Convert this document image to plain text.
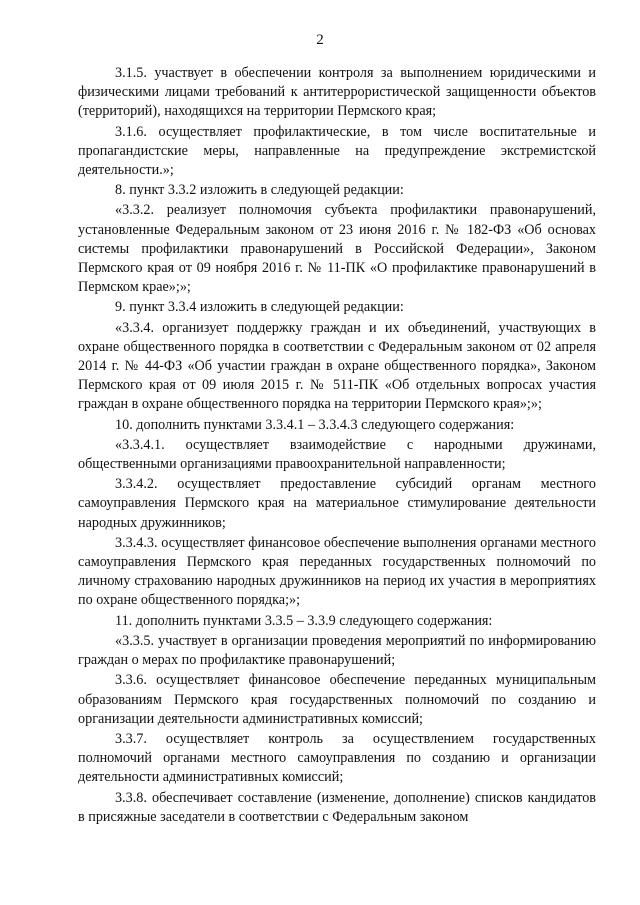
2

3.1.5. участвует в обеспечении контроля за выполнением юридическими и физическими лицами требований к антитеррористической защищенности объектов (территорий), находящихся на территории Пермского края;

3.1.6. осуществляет профилактические, в том числе воспитательные и пропагандистские меры, направленные на предупреждение экстремистской деятельности.»;

8. пункт 3.3.2 изложить в следующей редакции:

«3.3.2. реализует полномочия субъекта профилактики правонарушений, установленные Федеральным законом от 23 июня 2016 г. № 182-ФЗ «Об основах системы профилактики правонарушений в Российской Федерации», Законом Пермского края от 09 ноября 2016 г. № 11-ПК «О профилактике правонарушений в Пермском крае»;»;

9. пункт 3.3.4 изложить в следующей редакции:

«3.3.4. организует поддержку граждан и их объединений, участвующих в охране общественного порядка в соответствии с Федеральным законом от 02 апреля 2014 г. № 44-ФЗ «Об участии граждан в охране общественного порядка», Законом Пермского края от 09 июля 2015 г. № 511-ПК «Об отдельных вопросах участия граждан в охране общественного порядка на территории Пермского края»;»;

10. дополнить пунктами 3.3.4.1 – 3.3.4.3 следующего содержания:

«3.3.4.1. осуществляет взаимодействие с народными дружинами, общественными организациями правоохранительной направленности;

3.3.4.2. осуществляет предоставление субсидий органам местного самоуправления Пермского края на материальное стимулирование деятельности народных дружинников;

3.3.4.3. осуществляет финансовое обеспечение выполнения органами местного самоуправления Пермского края переданных государственных полномочий по личному страхованию народных дружинников на период их участия в мероприятиях по охране общественного порядка;»;

11. дополнить пунктами 3.3.5 – 3.3.9 следующего содержания:

«3.3.5. участвует в организации проведения мероприятий по информированию граждан о мерах по профилактике правонарушений;

3.3.6. осуществляет финансовое обеспечение переданных муниципальным образованиям Пермского края государственных полномочий по созданию и организации деятельности административных комиссий;

3.3.7. осуществляет контроль за осуществлением государственных полномочий органами местного самоуправления по созданию и организации деятельности административных комиссий;

3.3.8. обеспечивает составление (изменение, дополнение) списков кандидатов в присяжные заседатели в соответствии с Федеральным законом
